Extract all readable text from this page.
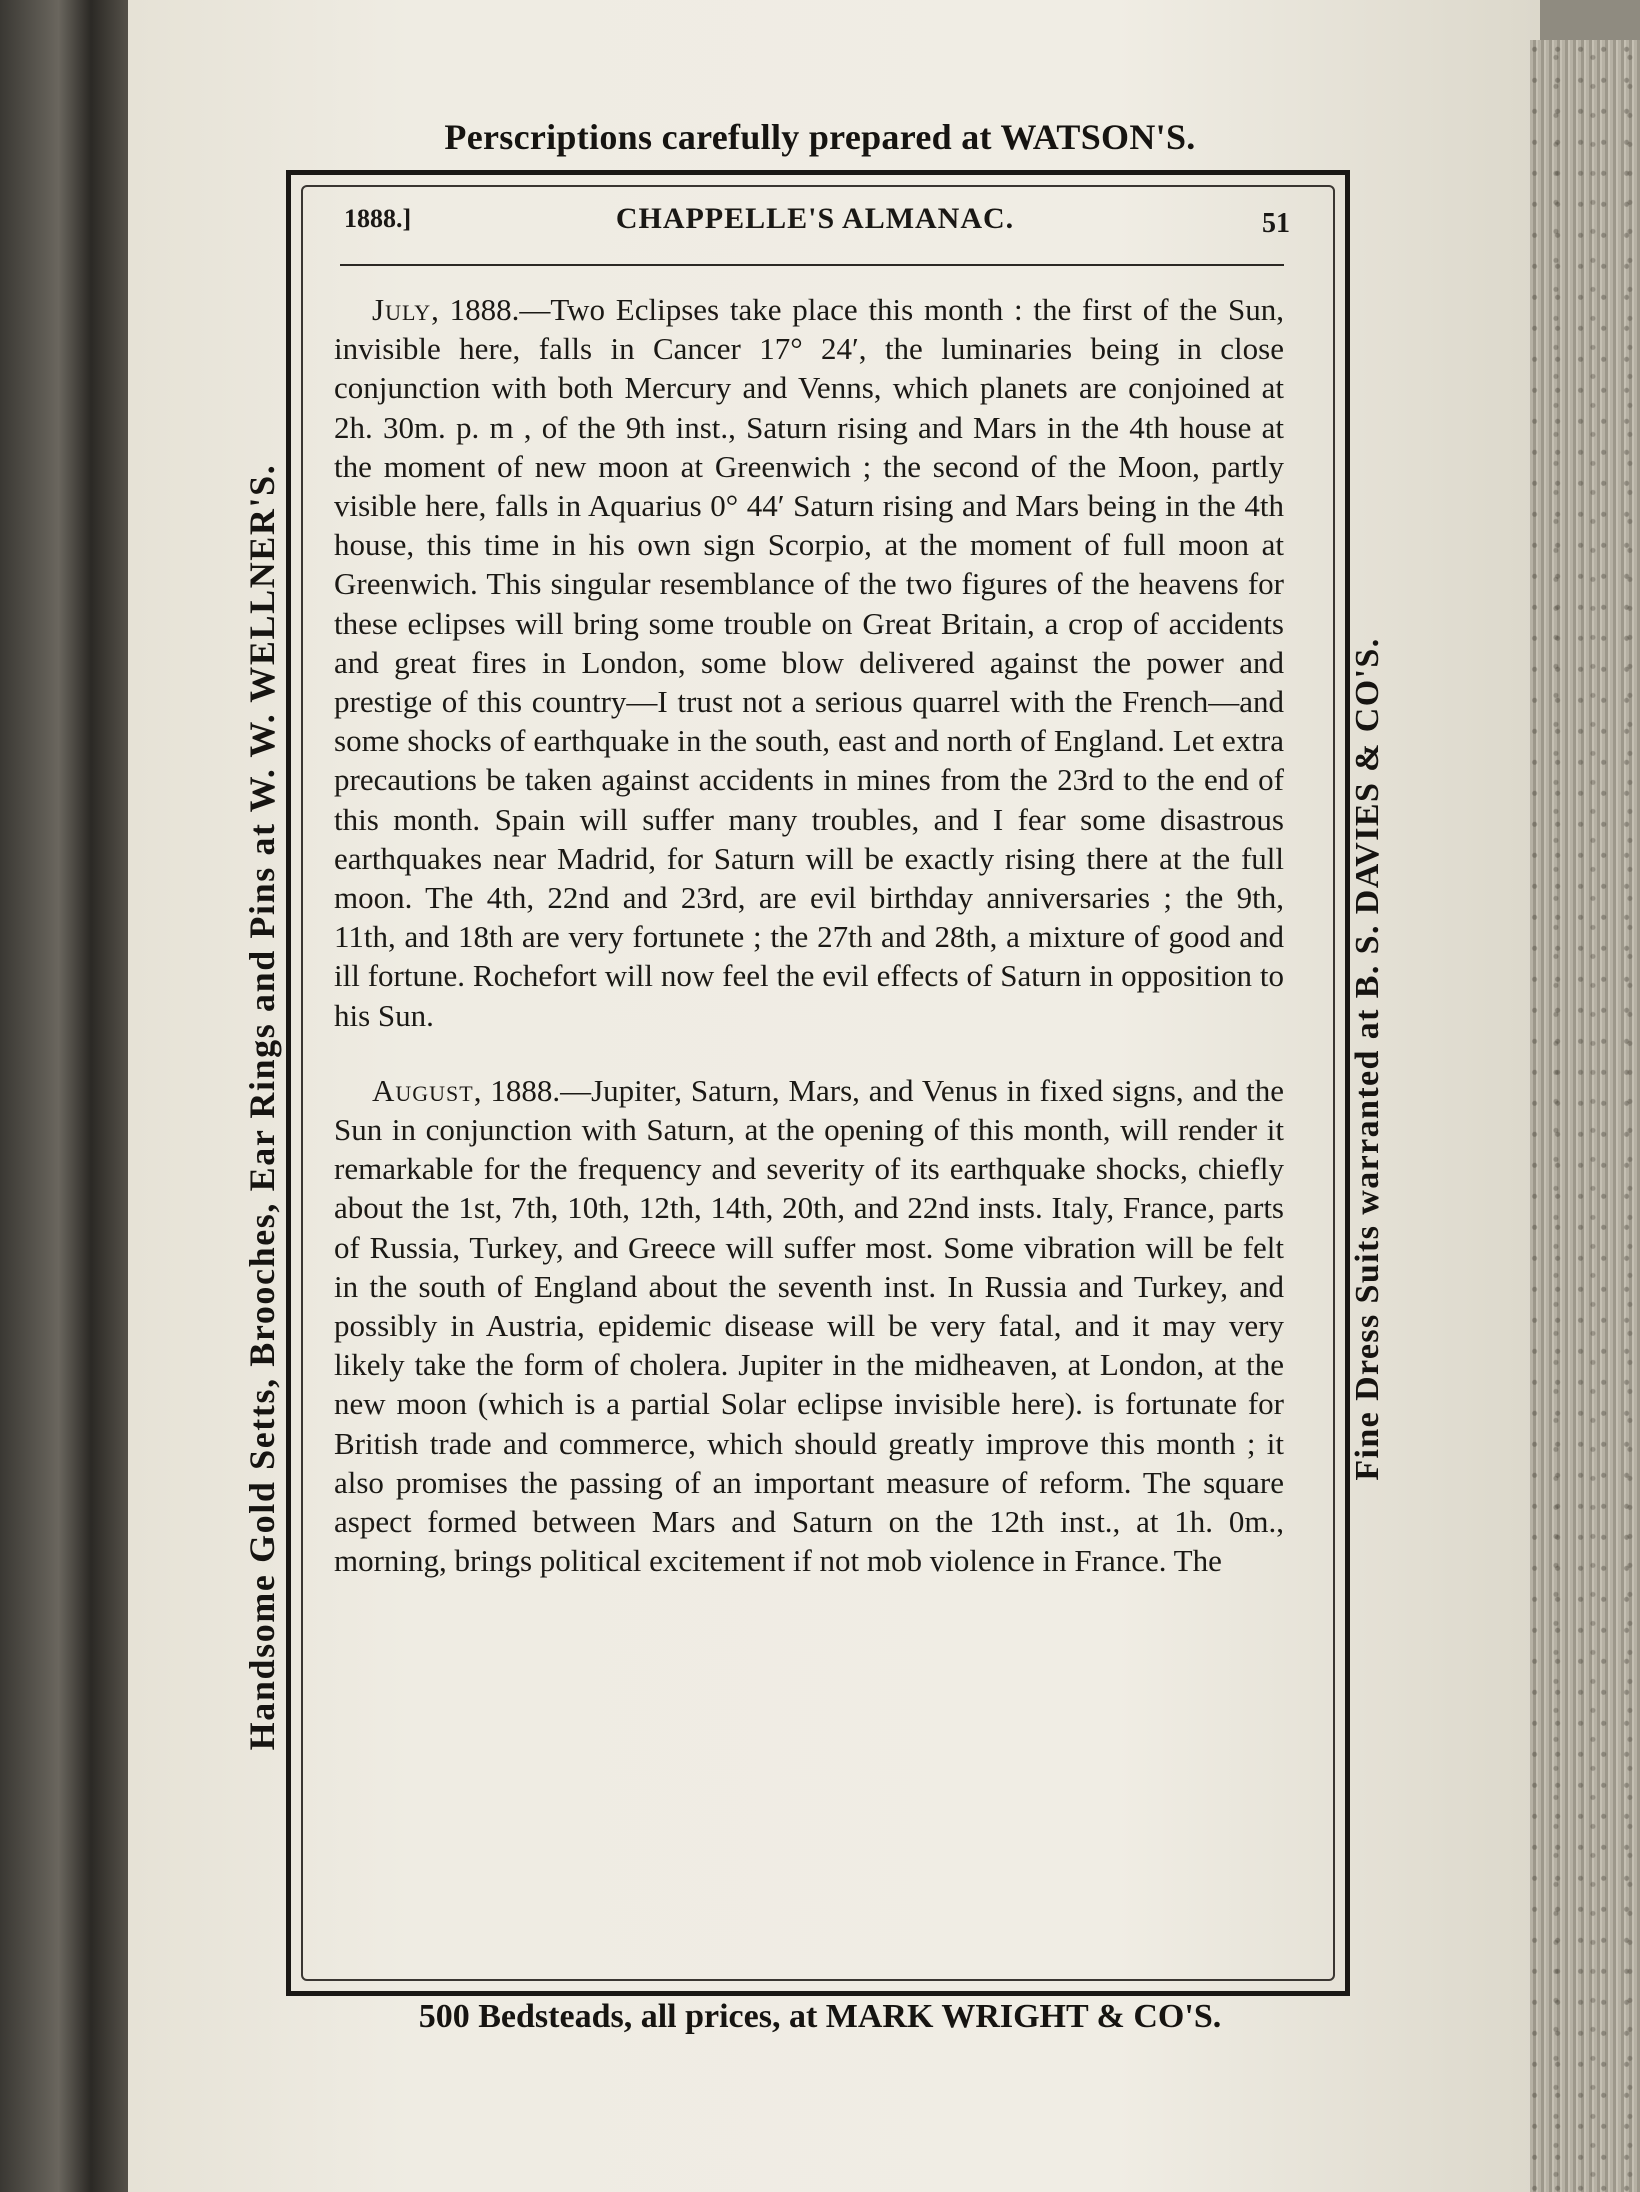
Perscriptions carefully prepared at WATSON'S.
Handsome Gold Setts, Brooches, Ear Rings and Pins at W. W. WELLNER'S.	Fine Dress Suits warranted at B. S. DAVIES & CO'S.
1888.]	CHAPPELLE'S ALMANAC.	51

July, 1888.—Two Eclipses take place this month : the first of the Sun, invisible here, falls in Cancer 17° 24′, the luminaries being in close conjunction with both Mercury and Venns, which planets are conjoined at 2h. 30m. p. m , of the 9th inst., Saturn rising and Mars in the 4th house at the moment of new moon at Greenwich ; the second of the Moon, partly visible here, falls in Aquarius 0° 44′ Saturn rising and Mars being in the 4th house, this time in his own sign Scorpio, at the moment of full moon at Greenwich. This singular resemblance of the two figures of the heavens for these eclipses will bring some trouble on Great Britain, a crop of accidents and great fires in London, some blow delivered against the power and prestige of this country—I trust not a serious quarrel with the French—and some shocks of earthquake in the south, east and north of England. Let extra precautions be taken against accidents in mines from the 23rd to the end of this month. Spain will suffer many troubles, and I fear some disastrous earthquakes near Madrid, for Saturn will be exactly rising there at the full moon. The 4th, 22nd and 23rd, are evil birthday anniversaries ; the 9th, 11th, and 18th are very fortunete ; the 27th and 28th, a mixture of good and ill fortune. Rochefort will now feel the evil effects of Saturn in opposition to his Sun.

August, 1888.—Jupiter, Saturn, Mars, and Venus in fixed signs, and the Sun in conjunction with Saturn, at the opening of this month, will render it remarkable for the frequency and severity of its earthquake shocks, chiefly about the 1st, 7th, 10th, 12th, 14th, 20th, and 22nd insts. Italy, France, parts of Russia, Turkey, and Greece will suffer most. Some vibration will be felt in the south of England about the seventh inst. In Russia and Turkey, and possibly in Austria, epidemic disease will be very fatal, and it may very likely take the form of cholera. Jupiter in the midheaven, at London, at the new moon (which is a partial Solar eclipse invisible here). is fortunate for British trade and commerce, which should greatly improve this month ; it also promises the passing of an important measure of reform. The square aspect formed between Mars and Saturn on the 12th inst., at 1h. 0m., morning, brings political excitement if not mob violence in France. The

500 Bedsteads, all prices, at MARK WRIGHT & CO'S.
